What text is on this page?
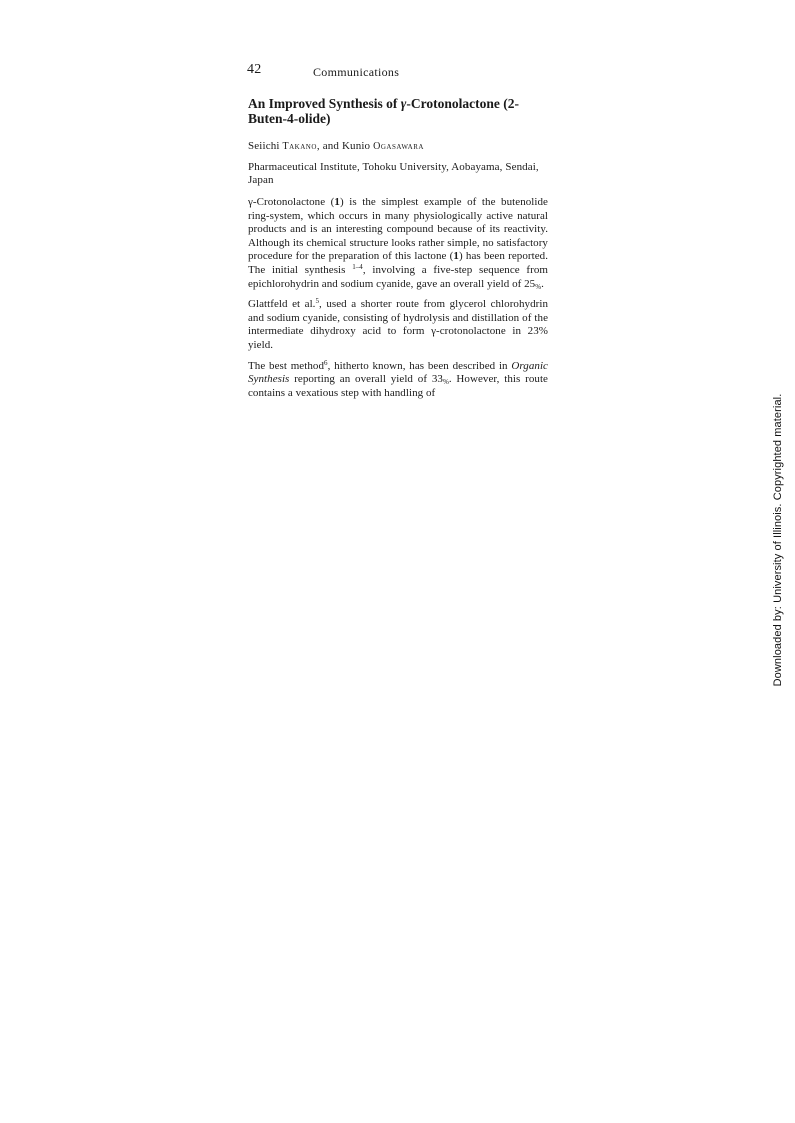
42	Communications
An Improved Synthesis of γ-Crotonolactone (2-Buten-4-olide)

Seiichi Takano, and Kunio Ogasawara

Pharmaceutical Institute, Tohoku University, Aobayama, Sendai, Japan

γ-Crotonolactone (1) is the simplest example of the butenolide ring-system, which occurs in many physiologically active natural products and is an interesting compound because of its reactivity. Although its chemical structure looks rather simple, no satisfactory procedure for the preparation of this lactone (1) has been reported. The initial synthesis $^{1-4}$, involving a five-step sequence from epichlorohydrin and sodium cyanide, gave an overall yield of $25_{\%}$.

Glattfeld et al.$^5$, used a shorter route from glycerol chlorohydrin and sodium cyanide, consisting of hydrolysis and distillation of the intermediate dihydroxy acid to form γ-crotonolactone in 23% yield.

The best method$^6$, hitherto known, has been described in Organic Synthesis reporting an overall yield of $33_{\%}$. However, this route contains a vexatious step with handling of

Downloaded by: University of Illinois. Copyrighted material.
